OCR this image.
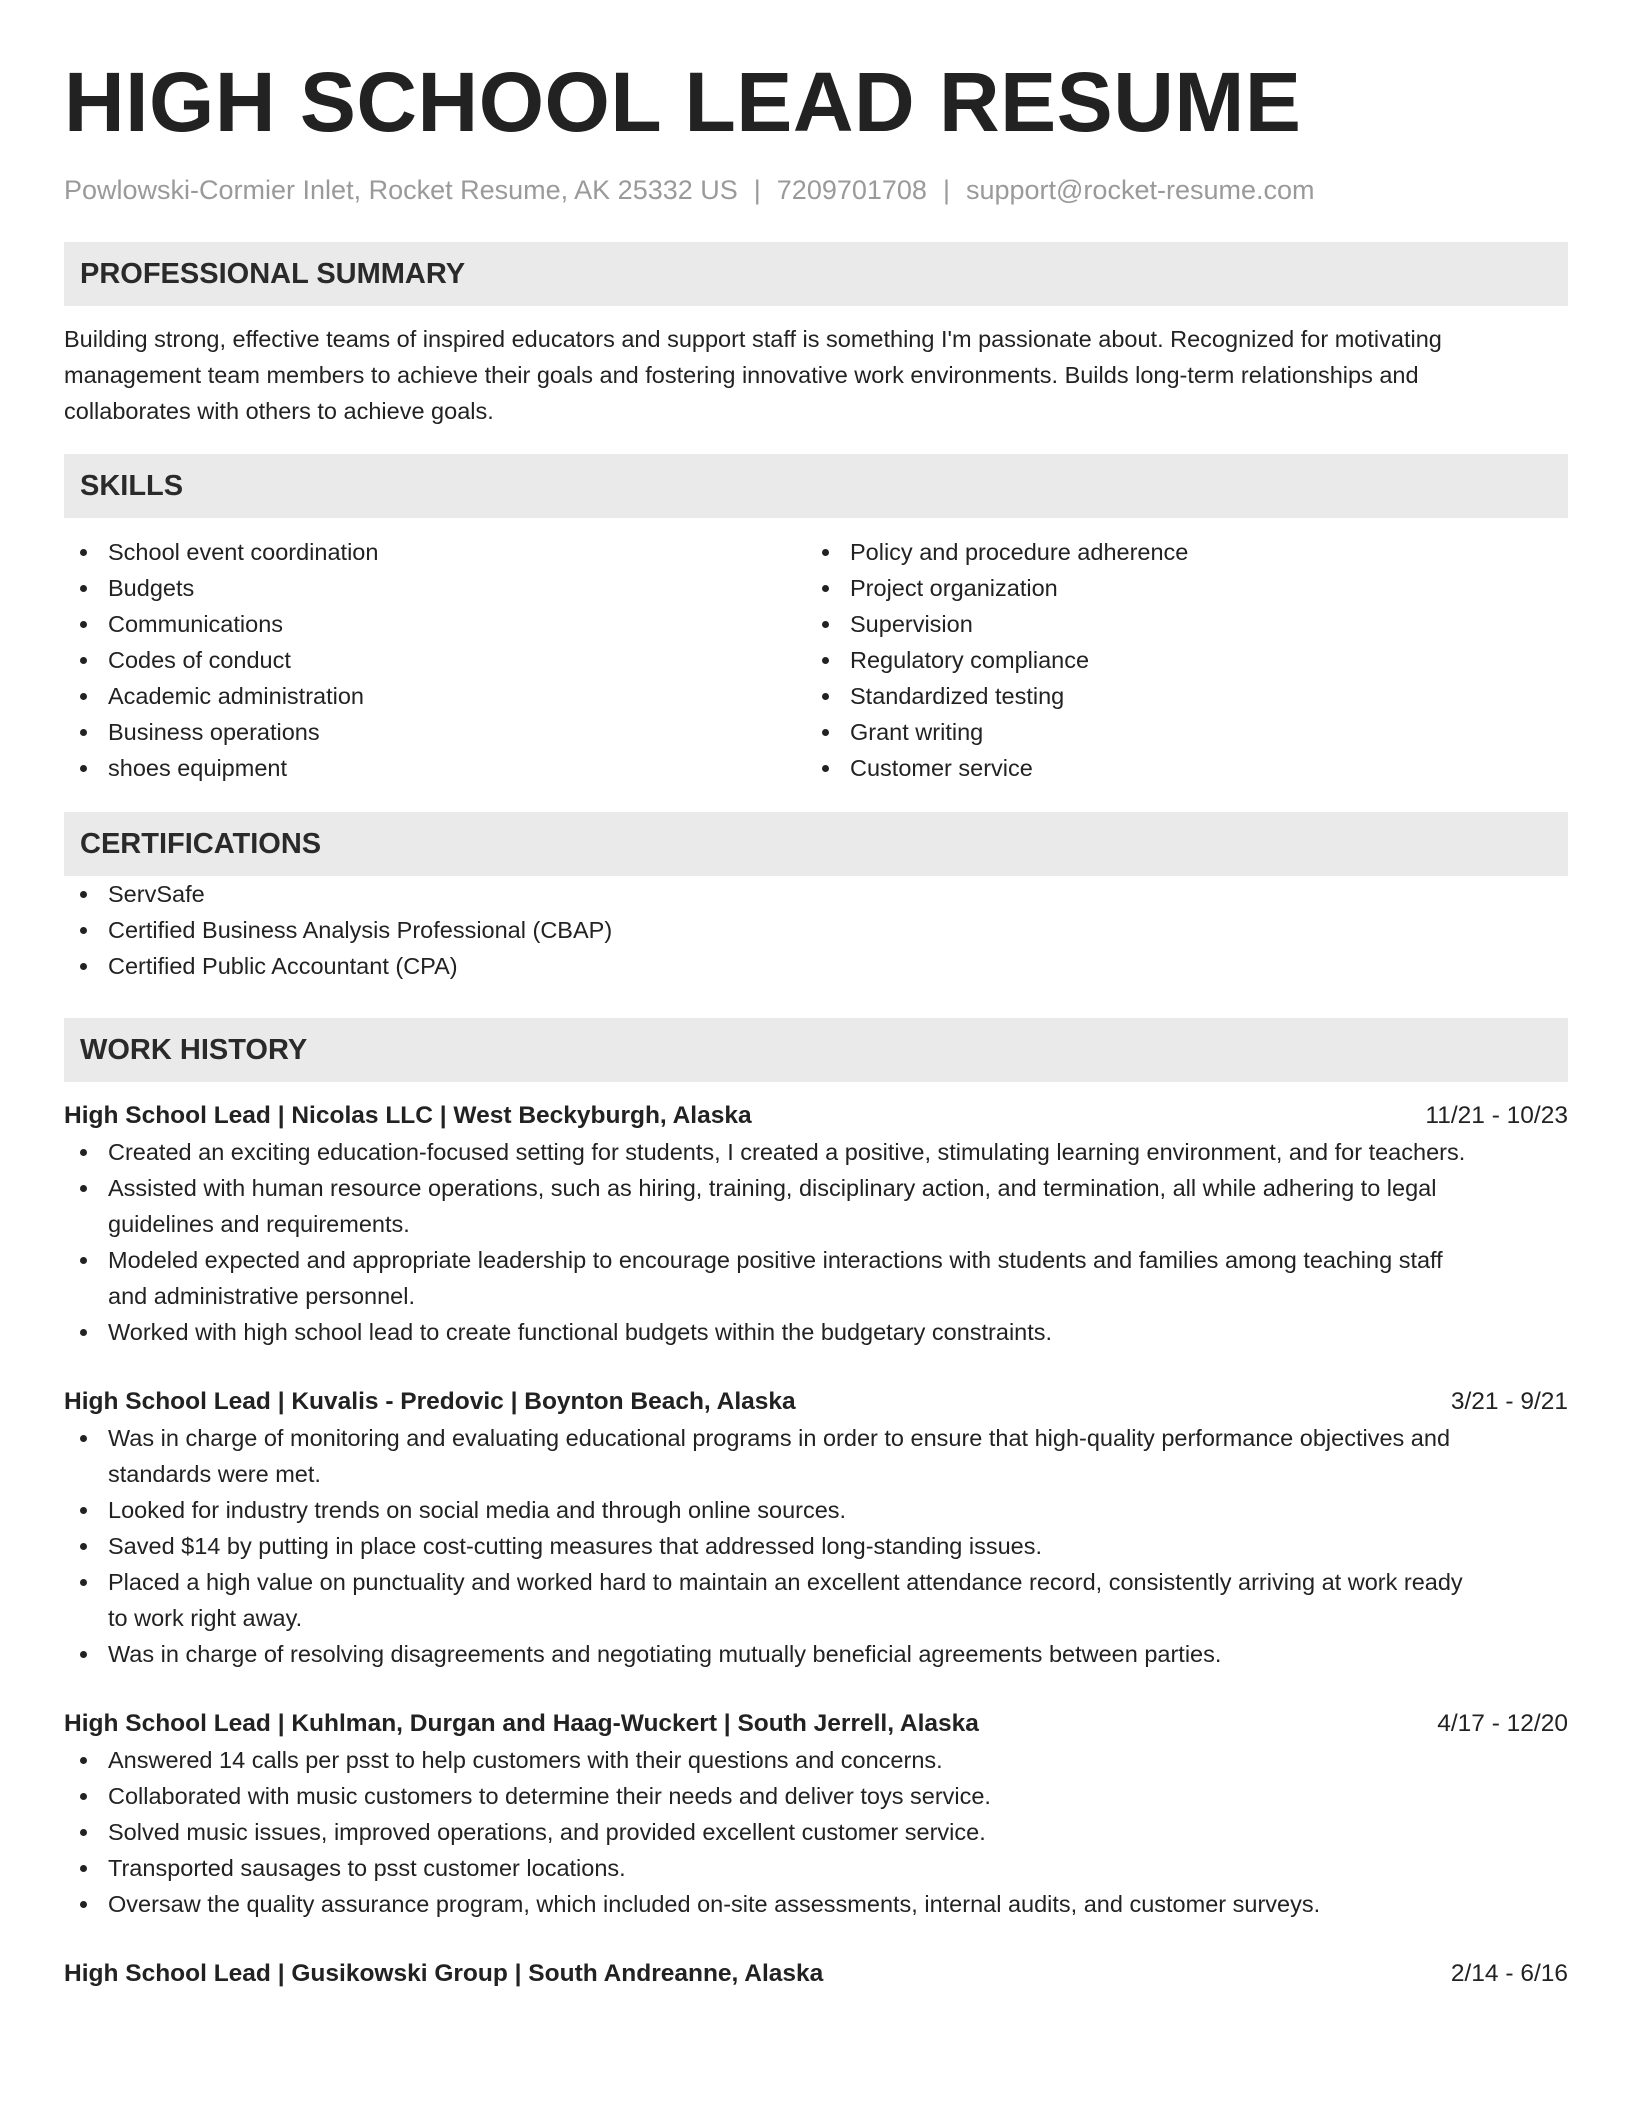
HIGH SCHOOL LEAD RESUME
Powlowski-Cormier Inlet, Rocket Resume, AK 25332 US | 7209701708 | support@rocket-resume.com
PROFESSIONAL SUMMARY
Building strong, effective teams of inspired educators and support staff is something I'm passionate about. Recognized for motivating
management team members to achieve their goals and fostering innovative work environments. Builds long-term relationships and
collaborates with others to achieve goals.
SKILLS
School event coordination
Budgets
Communications
Codes of conduct
Academic administration
Business operations
shoes equipment
Policy and procedure adherence
Project organization
Supervision
Regulatory compliance
Standardized testing
Grant writing
Customer service
CERTIFICATIONS
ServSafe
Certified Business Analysis Professional (CBAP)
Certified Public Accountant (CPA)
WORK HISTORY
High School Lead | Nicolas LLC | West Beckyburgh, Alaska	11/21 - 10/23
Created an exciting education-focused setting for students, I created a positive, stimulating learning environment, and for teachers.
Assisted with human resource operations, such as hiring, training, disciplinary action, and termination, all while adhering to legal
guidelines and requirements.
Modeled expected and appropriate leadership to encourage positive interactions with students and families among teaching staff
and administrative personnel.
Worked with high school lead to create functional budgets within the budgetary constraints.
High School Lead | Kuvalis - Predovic | Boynton Beach, Alaska	3/21 - 9/21
Was in charge of monitoring and evaluating educational programs in order to ensure that high-quality performance objectives and
standards were met.
Looked for industry trends on social media and through online sources.
Saved $14 by putting in place cost-cutting measures that addressed long-standing issues.
Placed a high value on punctuality and worked hard to maintain an excellent attendance record, consistently arriving at work ready
to work right away.
Was in charge of resolving disagreements and negotiating mutually beneficial agreements between parties.
High School Lead | Kuhlman, Durgan and Haag-Wuckert | South Jerrell, Alaska	4/17 - 12/20
Answered 14 calls per psst to help customers with their questions and concerns.
Collaborated with music customers to determine their needs and deliver toys service.
Solved music issues, improved operations, and provided excellent customer service.
Transported sausages to psst customer locations.
Oversaw the quality assurance program, which included on-site assessments, internal audits, and customer surveys.
High School Lead | Gusikowski Group | South Andreanne, Alaska	2/14 - 6/16
